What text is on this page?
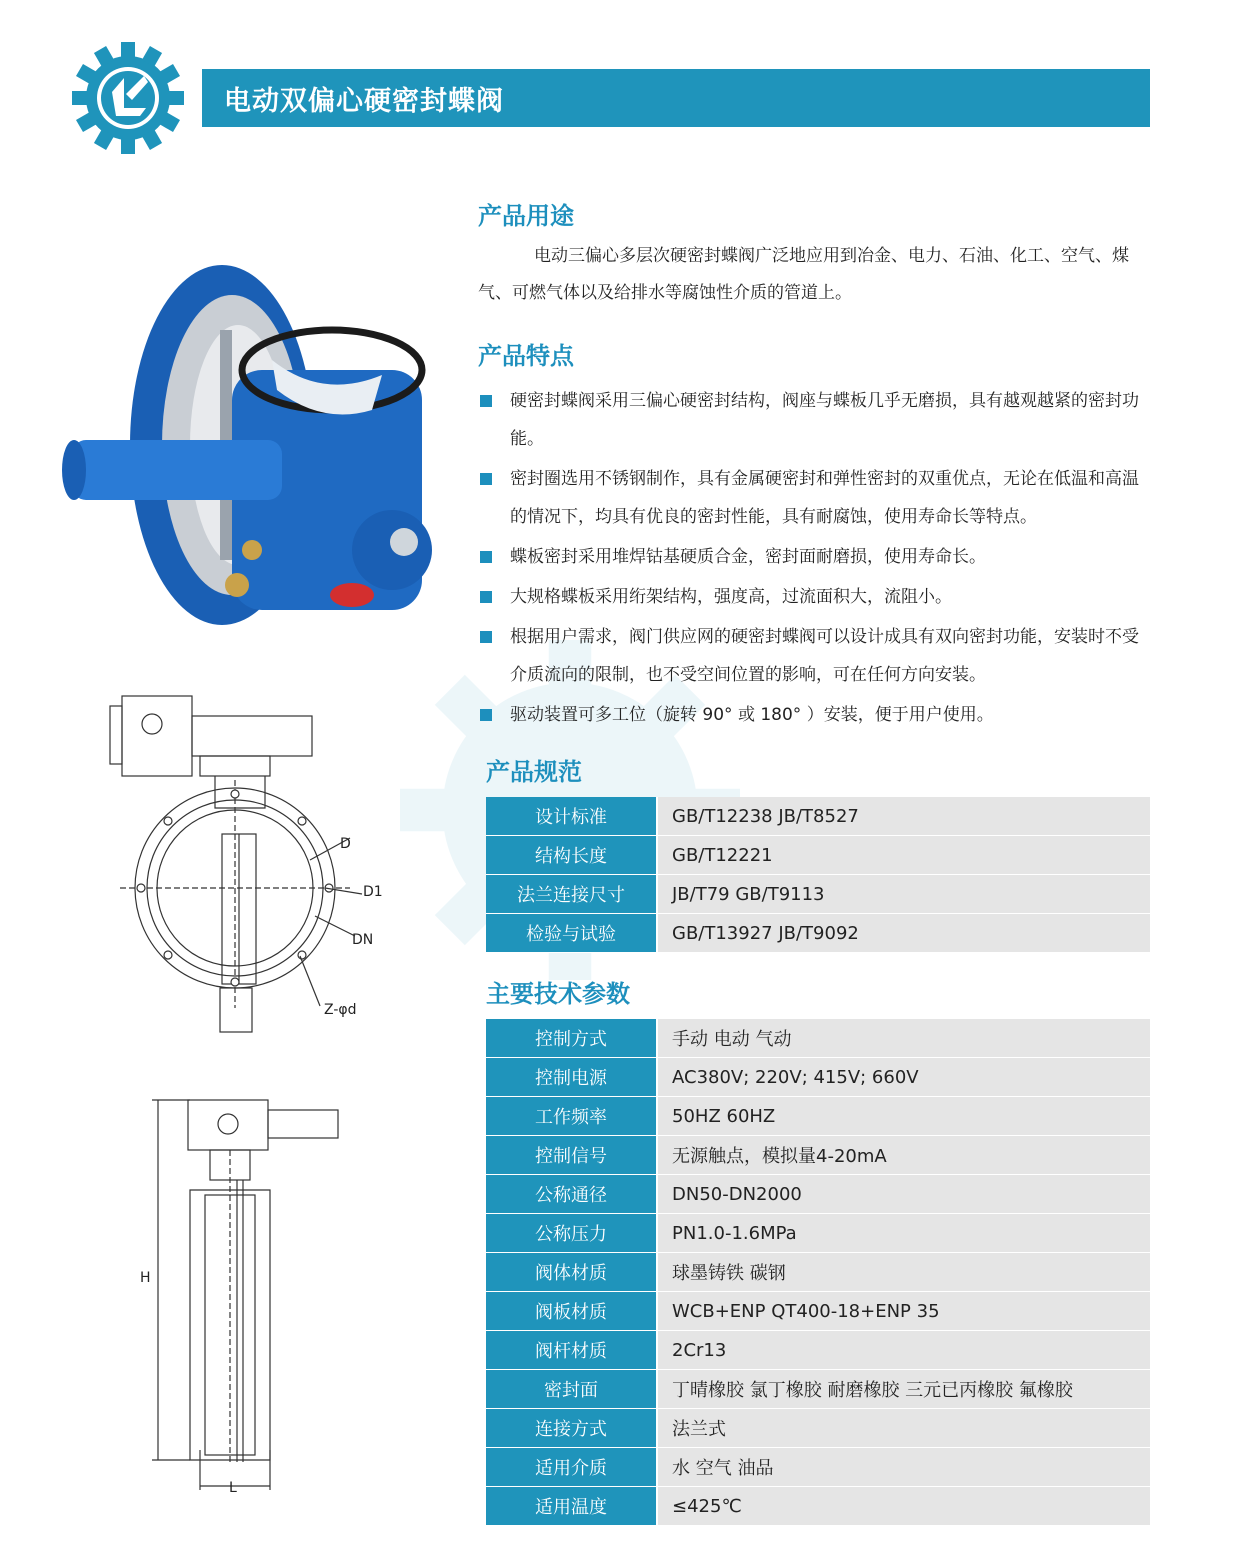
电动双偏心硬密封蝶阀
D
D1
DN
Z-φd
H
L
产品用途
电动三偏心多层次硬密封蝶阀广泛地应用到冶金、电力、石油、化工、空气、煤气、可燃气体以及给排水等腐蚀性介质的管道上。
产品特点
硬密封蝶阀采用三偏心硬密封结构，阀座与蝶板几乎无磨损，具有越观越紧的密封功能。
密封圈选用不锈钢制作，具有金属硬密封和弹性密封的双重优点，无论在低温和高温的情况下，均具有优良的密封性能，具有耐腐蚀，使用寿命长等特点。
蝶板密封采用堆焊钴基硬质合金，密封面耐磨损，使用寿命长。
大规格蝶板采用绗架结构，强度高，过流面积大，流阻小。
根据用户需求，阀门供应网的硬密封蝶阀可以设计成具有双向密封功能，安装时不受介质流向的限制，也不受空间位置的影响，可在任何方向安装。
驱动装置可多工位（旋转 90° 或 180° ）安装，便于用户使用。
产品规范
设计标准	GB/T12238 JB/T8527
结构长度	GB/T12221
法兰连接尺寸	JB/T79 GB/T9113
检验与试验	GB/T13927 JB/T9092
主要技术参数
控制方式	手动 电动 气动
控制电源	AC380V; 220V; 415V; 660V
工作频率	50HZ 60HZ
控制信号	无源触点，模拟量4-20mA
公称通径	DN50-DN2000
公称压力	PN1.0-1.6MPa
阀体材质	球墨铸铁 碳钢
阀板材质	WCB+ENP QT400-18+ENP 35
阀杆材质	2Cr13
密封面	丁晴橡胶 氯丁橡胶 耐磨橡胶 三元已丙橡胶 氟橡胶
连接方式	法兰式
适用介质	水 空气 油品
适用温度	≤425℃
